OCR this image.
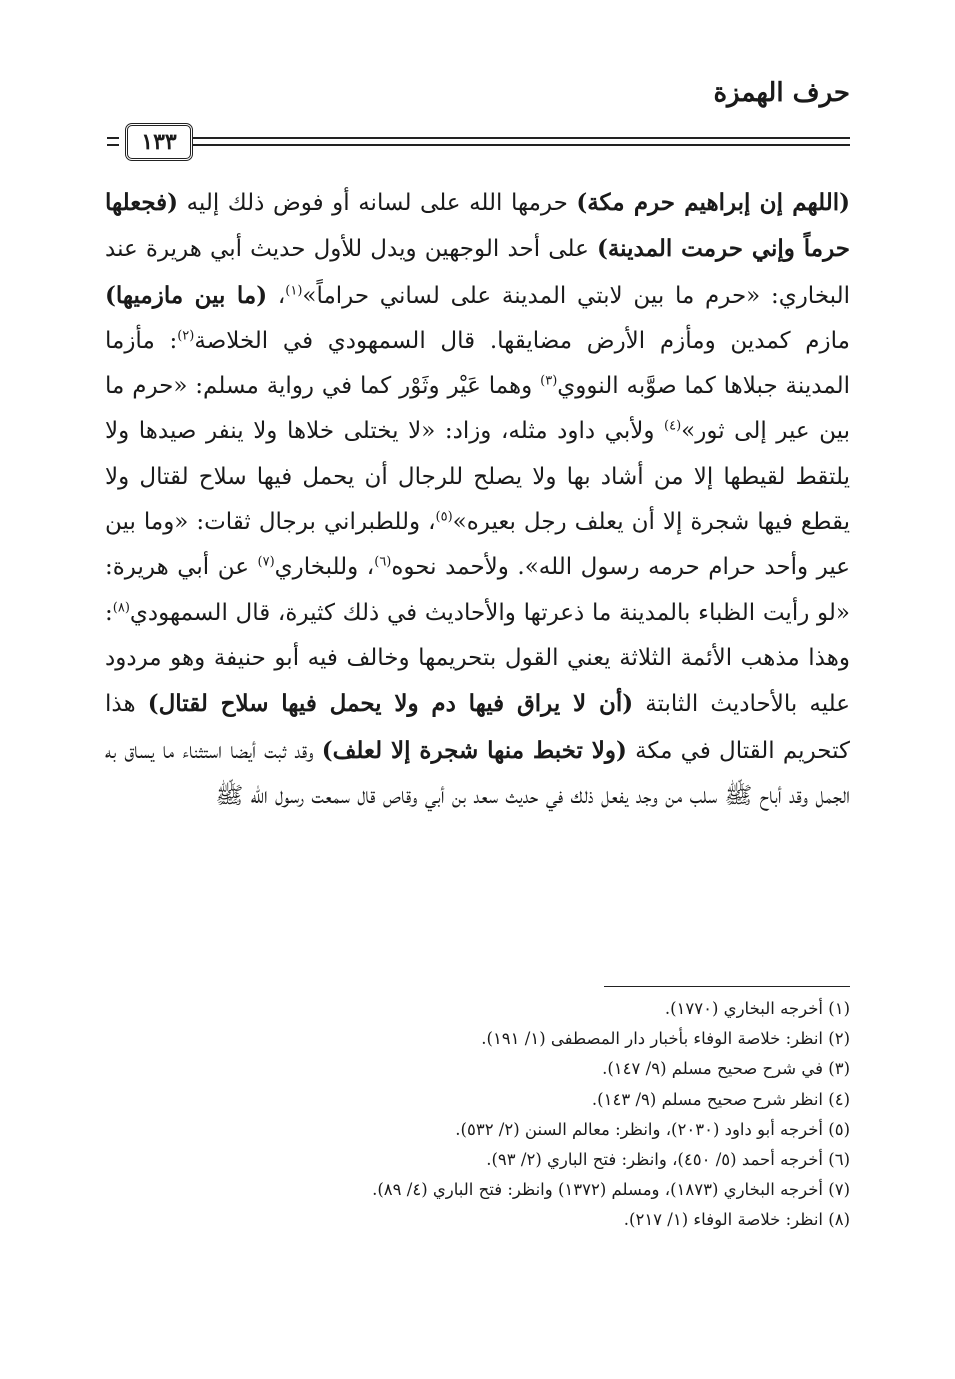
حرف الهمزة
١٣٣
(اللهم إن إبراهيم حرم مكة) حرمها الله على لسانه أو فوض ذلك إليه (فجعلها حرماً وإني حرمت المدينة) على أحد الوجهين ويدل للأول حديث أبي هريرة عند البخاري: «حرم ما بين لابتي المدينة على لساني حراماً»$^{(١)}$، (ما بين مازميها) مازم كمدين ومأزم الأرض مضايقها. قال السمهودي في الخلاصة$^{(٢)}$: مأزما المدينة جبلاها كما صوَّبه النووي$^{(٣)}$ وهما عَيْر وثَوْر كما في رواية مسلم: «حرم ما بين عير إلى ثور»$^{(٤)}$ ولأبي داود مثله، وزاد: «لا يختلى خلاها ولا ينفر صيدها ولا يلتقط لقيطها إلا من أشاد بها ولا يصلح للرجال أن يحمل فيها سلاح لقتال ولا يقطع فيها شجرة إلا أن يعلف رجل بعيره»$^{(٥)}$، وللطبراني برجال ثقات: «وما بين عير وأحد حرام حرمه رسول الله». ولأحمد نحوه$^{(٦)}$، وللبخاري$^{(٧)}$ عن أبي هريرة: «لو رأيت الظباء بالمدينة ما ذعرتها والأحاديث في ذلك كثيرة، قال السمهودي$^{(٨)}$: وهذا مذهب الأئمة الثلاثة يعني القول بتحريمها وخالف فيه أبو حنيفة وهو مردود عليه بالأحاديث الثابتة (أن لا يراق فيها دم ولا يحمل فيها سلاح لقتال) هذا كتحريم القتال في مكة (ولا تخبط منها شجرة إلا لعلف) وقد ثبت أيضا استثناء ما يساق به الجمل وقد أباح ﷺ سلب من وجد يفعل ذلك في حديث سعد بن أبي وقاص قال سمعت رسول الله ﷺ
(١) أخرجه البخاري (١٧٧٠).
(٢) انظر: خلاصة الوفاء بأخبار دار المصطفى (١/ ١٩١).
(٣) في شرح صحيح مسلم (٩/ ١٤٧).
(٤) انظر شرح صحيح مسلم (٩/ ١٤٣).
(٥) أخرجه أبو داود (٢٠٣٠)، وانظر: معالم السنن (٢/ ٥٣٢).
(٦) أخرجه أحمد (٥/ ٤٥٠)، وانظر: فتح الباري (٢/ ٩٣).
(٧) أخرجه البخاري (١٨٧٣)، ومسلم (١٣٧٢) وانظر: فتح الباري (٤/ ٨٩).
(٨) انظر: خلاصة الوفاء (١/ ٢١٧).
